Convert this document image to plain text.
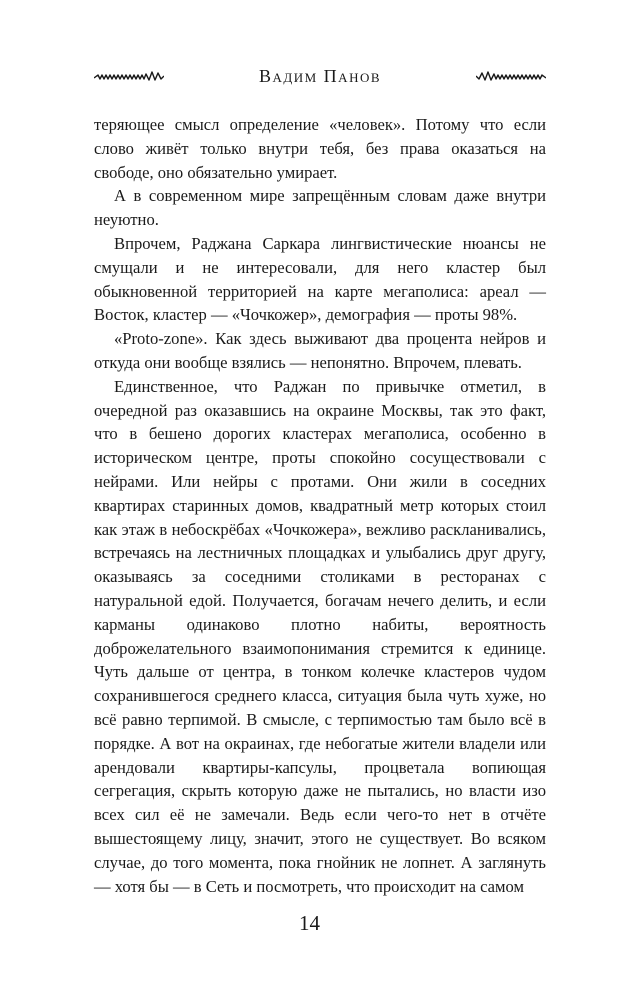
Вадим Панов

теряющее смысл определение «человек». Потому что если слово живёт только внутри тебя, без права оказаться на свободе, оно обязательно умирает.

А в современном мире запрещённым словам даже внутри неуютно.

Впрочем, Раджана Саркара лингвистические нюансы не смущали и не интересовали, для него кластер был обыкновенной территорией на карте мегаполиса: ареал — Восток, кластер — «Чочкожер», демография — проты 98%.

«Proto-zone». Как здесь выживают два процента нейров и откуда они вообще взялись — непонятно. Впрочем, плевать.

Единственное, что Раджан по привычке отметил, в очередной раз оказавшись на окраине Москвы, так это факт, что в бешено дорогих кластерах мегаполиса, особенно в историческом центре, проты спокойно сосуществовали с нейрами. Или нейры с протами. Они жили в соседних квартирах старинных домов, квадратный метр которых стоил как этаж в небоскрёбах «Чочкожера», вежливо раскланивались, встречаясь на лестничных площадках и улыбались друг другу, оказываясь за соседними столиками в ресторанах с натуральной едой. Получается, богачам нечего делить, и если карманы одинаково плотно набиты, вероятность доброжелательного взаимопонимания стремится к единице. Чуть дальше от центра, в тонком колечке кластеров чудом сохранившегося среднего класса, ситуация была чуть хуже, но всё равно терпимой. В смысле, с терпимостью там было всё в порядке. А вот на окраинах, где небогатые жители владели или арендовали квартиры-капсулы, процветала вопиющая сегрегация, скрыть которую даже не пытались, но власти изо всех сил её не замечали. Ведь если чего-то нет в отчёте вышестоящему лицу, значит, этого не существует. Во всяком случае, до того момента, пока гнойник не лопнет. А заглянуть — хотя бы — в Сеть и посмотреть, что происходит на самом

14
